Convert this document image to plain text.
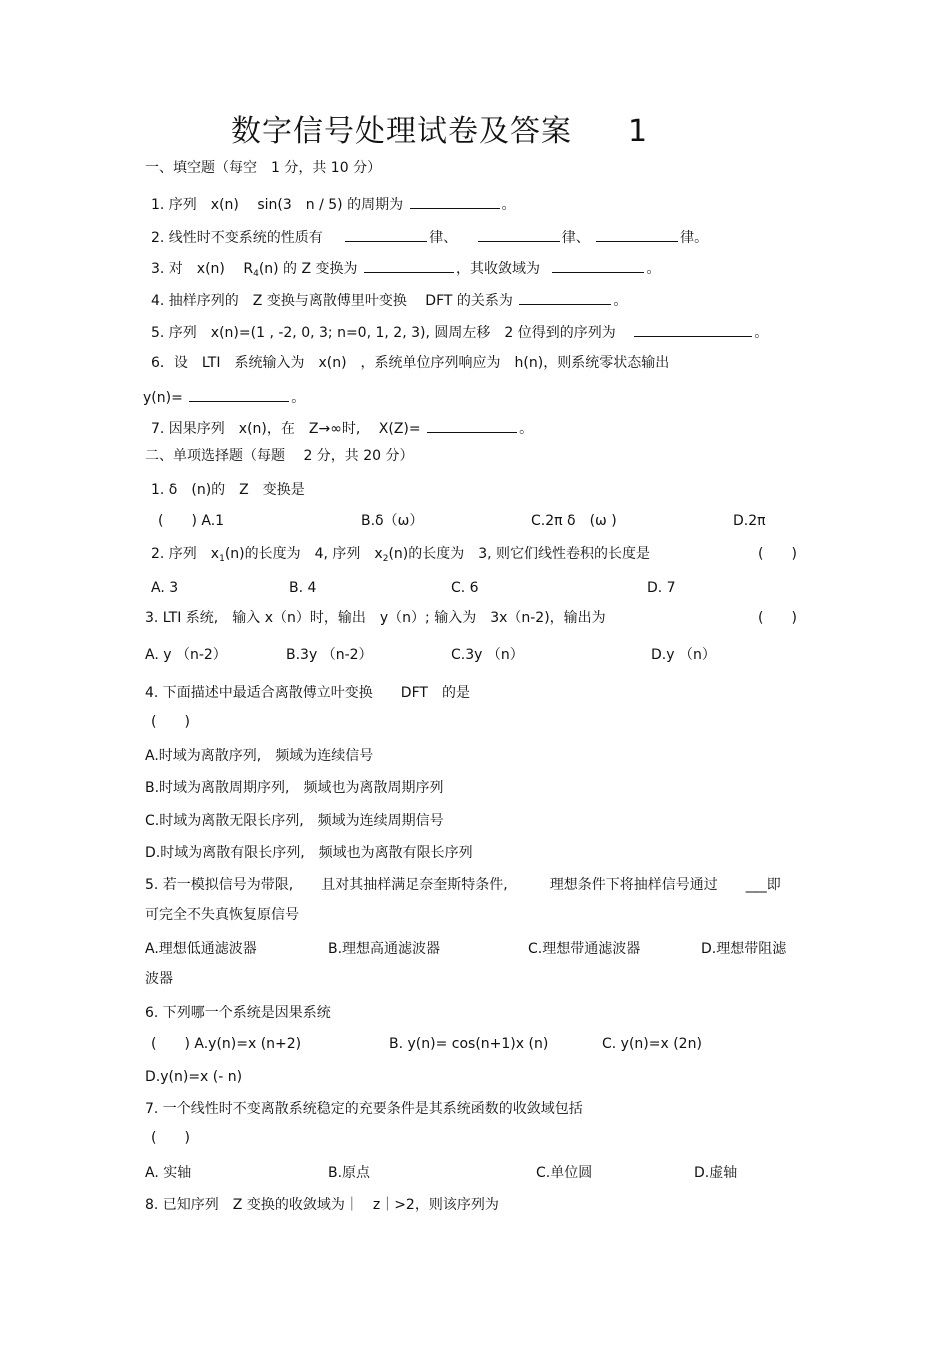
数字信号处理试卷及答案 1
一、填空题（每空　1 分，共 10 分）
1. 序列　x(n)　 sin(3　n / 5) 的周期为	。
2. 线性时不变系统的性质有	律、	律、	律。
3. 对　x(n)　 $R_4(n)$ 的 Z 变换为	，其收敛域为	。
4. 抽样序列的　Z 变换与离散傅里叶变换　 DFT 的关系为	。
5. 序列　x(n)=(1 , -2, 0, 3; n=0, 1, 2, 3), 圆周左移　2 位得到的序列为	。
6．设　LTI　系统输入为　x(n)　，系统单位序列响应为　h(n)，则系统零状态输出
y(n)=	。
7. 因果序列　x(n)，在　Z→∞时,　 X(Z)=	。
二、单项选择题（每题　 2 分，共 20 分）
1. δ　(n)的　Z　变换是
(　　) A.1	B.δ（ω）	C.2π δ　(ω )	D.2π
2. 序列　$x_1(n)$的长度为　4, 序列　$x_2(n)$的长度为　3, 则它们线性卷积的长度是	(　　)
A. 3	B. 4	C. 6	D. 7
3. LTI 系统,　输入 x（n）时，输出　y（n）; 输入为　3x（n-2)，输出为	(　　)
A. y （n-2）	B.3y （n-2）	C.3y （n）	D.y （n）
4. 下面描述中最适合离散傅立叶变换　　DFT　的是
(　　)
A.时域为离散序列,　频域为连续信号
B.时域为离散周期序列,　频域也为离散周期序列
C.时域为离散无限长序列,　频域为连续周期信号
D.时域为离散有限长序列,　频域也为离散有限长序列
5. 若一模拟信号为带限,　　且对其抽样满足奈奎斯特条件,　　　理想条件下将抽样信号通过　　___即
可完全不失真恢复原信号
A.理想低通滤波器	B.理想高通滤波器	C.理想带通滤波器	D.理想带阻滤
波器
6. 下列哪一个系统是因果系统
(　　) A.y(n)=x (n+2)	B. y(n)= cos(n+1)x (n)	C. y(n)=x (2n)
D.y(n)=x (- n)
7. 一个线性时不变离散系统稳定的充要条件是其系统函数的收敛域包括
(　　)
A. 实轴	B.原点	C.单位圆	D.虚轴
8. 已知序列　Z 变换的收敛域为｜　z｜>2，则该序列为
